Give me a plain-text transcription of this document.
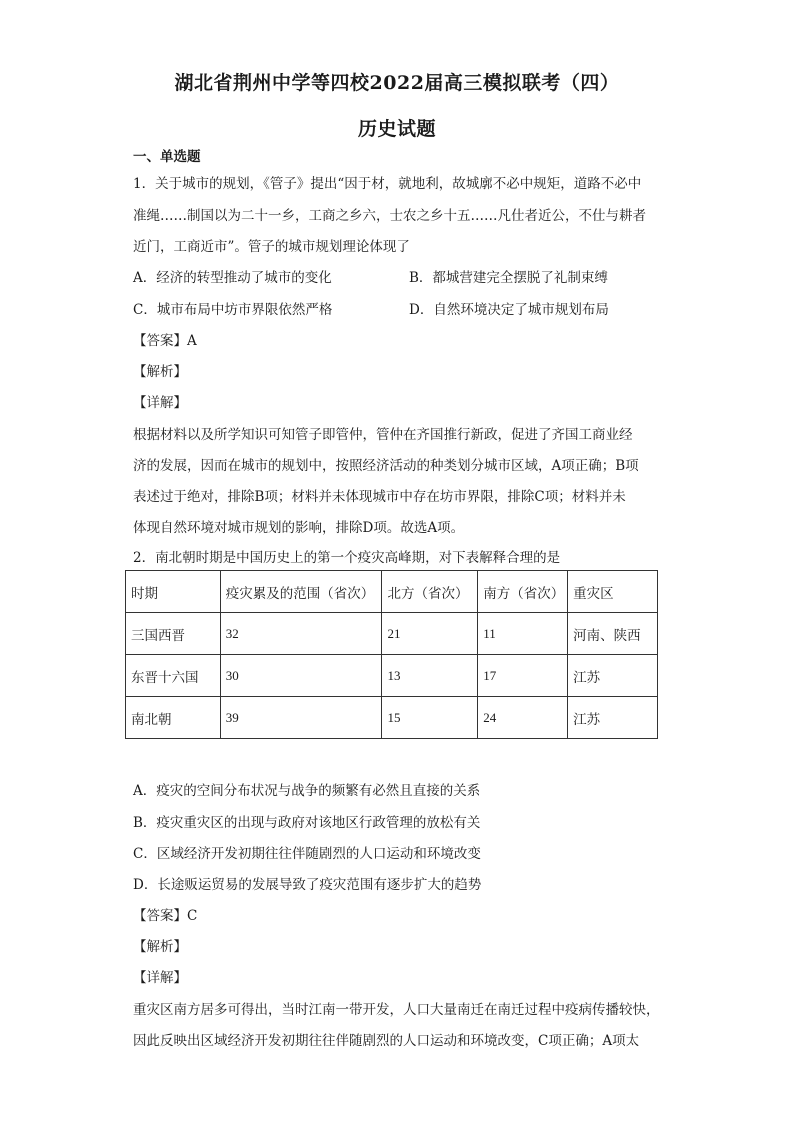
湖北省荆州中学等四校2022届高三模拟联考（四）
历史试题
一、单选题
1．关于城市的规划，《管子》提出“因于材，就地利，故城廓不必中规矩，道路不必中
准绳……制国以为二十一乡，工商之乡六，士农之乡十五……凡仕者近公，不仕与耕者
近门，工商近市”。管子的城市规划理论体现了
A．经济的转型推动了城市的变化	B．都城营建完全摆脱了礼制束缚
C．城市布局中坊市界限依然严格	D．自然环境决定了城市规划布局
【答案】A
【解析】
【详解】
根据材料以及所学知识可知管子即管仲，管仲在齐国推行新政，促进了齐国工商业经
济的发展，因而在城市的规划中，按照经济活动的种类划分城市区域，A项正确；B项
表述过于绝对，排除B项；材料并未体现城市中存在坊市界限，排除C项；材料并未
体现自然环境对城市规划的影响，排除D项。故选A项。
2．南北朝时期是中国历史上的第一个疫灾高峰期，对下表解释合理的是
时期	疫灾累及的范围（省次）	北方（省次）	南方（省次）	重灾区
三国西晋	32	21	11	河南、陕西
东晋十六国	30	13	17	江苏
南北朝	39	15	24	江苏
A．疫灾的空间分布状况与战争的频繁有必然且直接的关系
B．疫灾重灾区的出现与政府对该地区行政管理的放松有关
C．区域经济开发初期往往伴随剧烈的人口运动和环境改变
D．长途贩运贸易的发展导致了疫灾范围有逐步扩大的趋势
【答案】C
【解析】
【详解】
重灾区南方居多可得出，当时江南一带开发，人口大量南迁在南迁过程中疫病传播较快，
因此反映出区域经济开发初期往往伴随剧烈的人口运动和环境改变，C项正确；A项太
